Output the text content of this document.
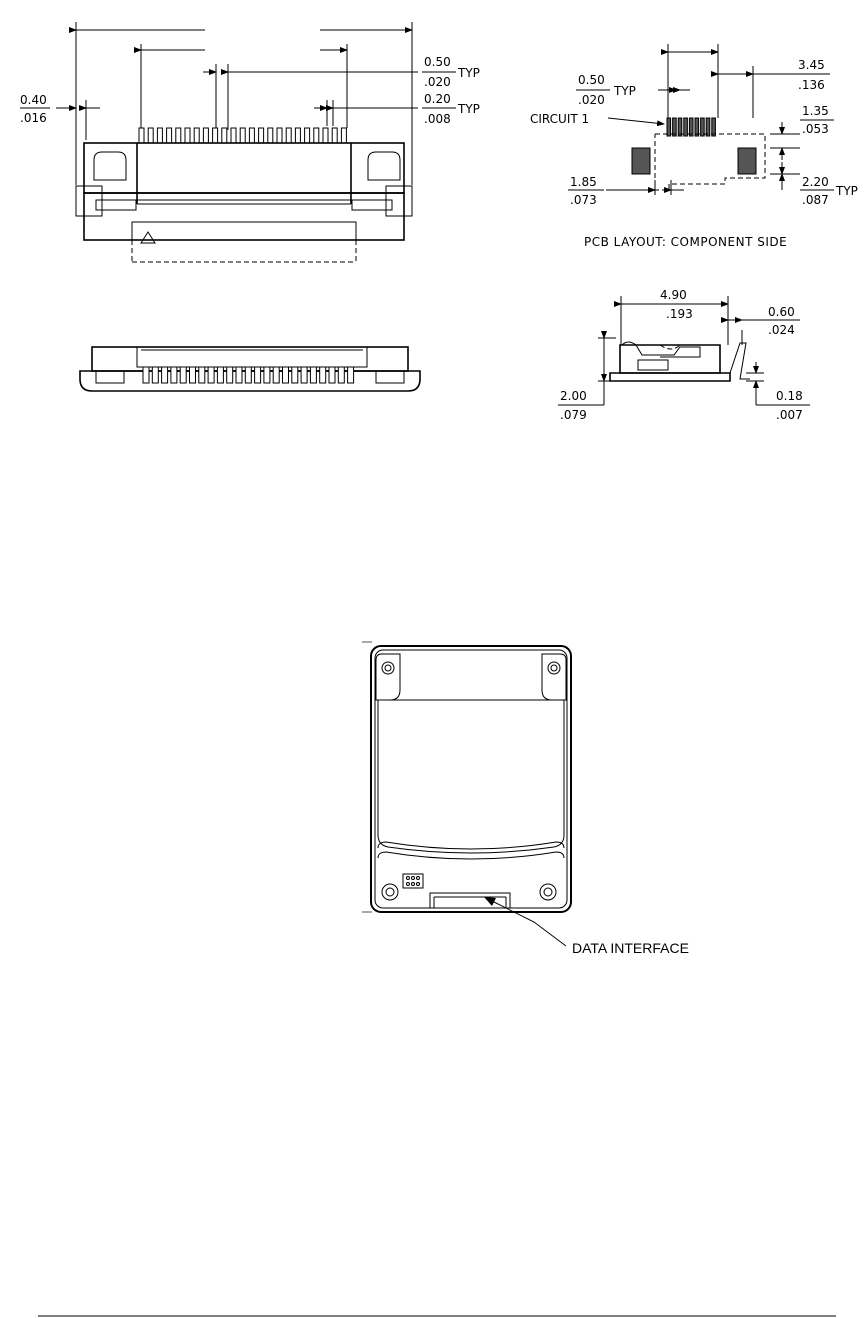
0.40
.016
0.50
.020
TYP
0.20
.008
TYP
0.50
.020
TYP
CIRCUIT 1
3.45
.136
1.35
.053
1.85
.073
2.20
.087
TYP
PCB LAYOUT: COMPONENT SIDE
4.90
.193	0.60
.024
2.00
.079
0.18
.007
DATA INTERFACE
